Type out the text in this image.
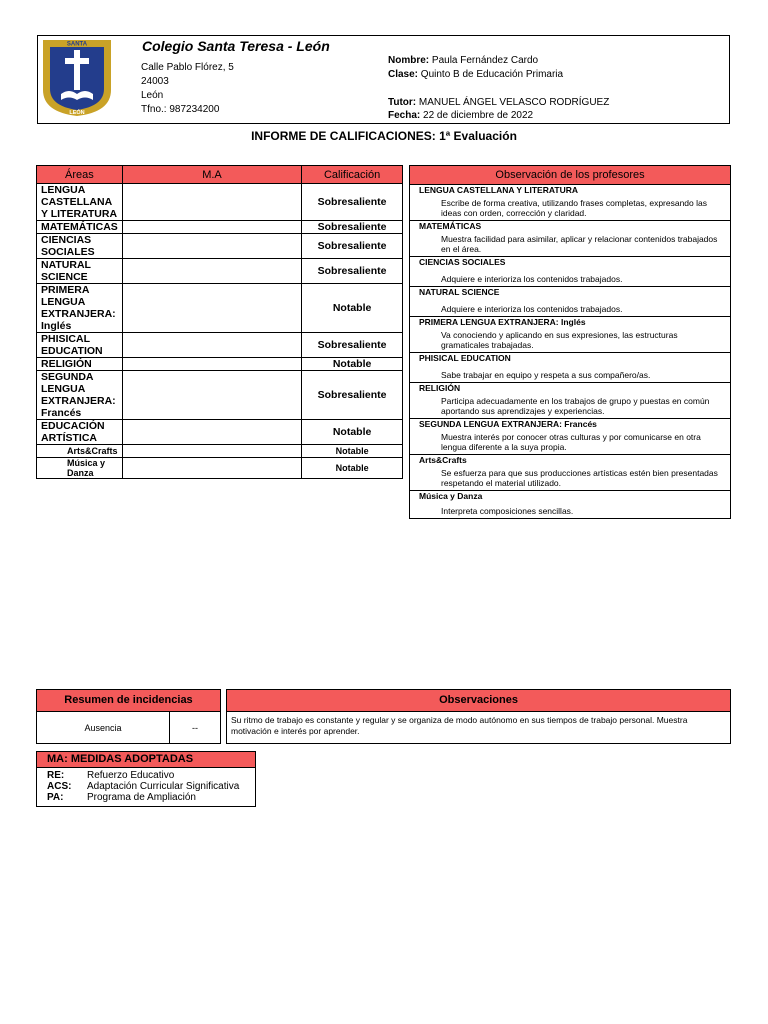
SANTA
LEÓN
Colegio Santa Teresa - León
Calle Pablo Flórez, 5
24003
León
Tfno.: 987234200
Nombre: Paula Fernández Cardo
Clase: Quinto B de Educación Primaria
Tutor: MANUEL ÁNGEL VELASCO RODRÍGUEZ
Fecha: 22 de diciembre de 2022
INFORME DE CALIFICACIONES: 1ª Evaluación
Áreas	M.A	Calificación
LENGUA CASTELLANA Y LITERATURA		Sobresaliente
MATEMÁTICAS		Sobresaliente
CIENCIAS SOCIALES		Sobresaliente
NATURAL SCIENCE		Sobresaliente
PRIMERA LENGUA EXTRANJERA: Inglés		Notable
PHISICAL EDUCATION		Sobresaliente
RELIGIÓN		Notable
SEGUNDA LENGUA EXTRANJERA: Francés		Sobresaliente
EDUCACIÓN ARTÍSTICA		Notable
Arts&Crafts		Notable
Música y Danza		Notable
Observación de los profesores
LENGUA CASTELLANA Y LITERATURA
Escribe de forma creativa, utilizando frases completas, expresando las ideas con orden, corrección y claridad.
MATEMÁTICAS
Muestra facilidad para asimilar, aplicar y relacionar contenidos trabajados en el área.
CIENCIAS SOCIALES
Adquiere e interioriza los contenidos trabajados.
NATURAL SCIENCE
Adquiere e interioriza los contenidos trabajados.
PRIMERA LENGUA EXTRANJERA: Inglés
Va conociendo y aplicando en sus expresiones, las estructuras gramaticales trabajadas.
PHISICAL EDUCATION
Sabe trabajar en equipo y respeta a sus compañero/as.
RELIGIÓN
Participa adecuadamente en los trabajos de grupo y puestas en común aportando sus aprendizajes y experiencias.
SEGUNDA LENGUA EXTRANJERA: Francés
Muestra interés por conocer otras culturas y por comunicarse en otra lengua diferente a la suya propia.
Arts&Crafts
Se esfuerza para que sus producciones artísticas estén bien presentadas respetando el material utilizado.
Música y Danza
Interpreta composiciones sencillas.
Resumen de incidencias
Ausencia	--
Observaciones
Su ritmo de trabajo es constante y regular y se organiza de modo autónomo en sus tiempos de trabajo personal. Muestra motivación e interés por aprender.
MA: MEDIDAS ADOPTADAS
RE:	Refuerzo Educativo
ACS:	Adaptación Curricular Significativa
PA:	Programa de Ampliación
